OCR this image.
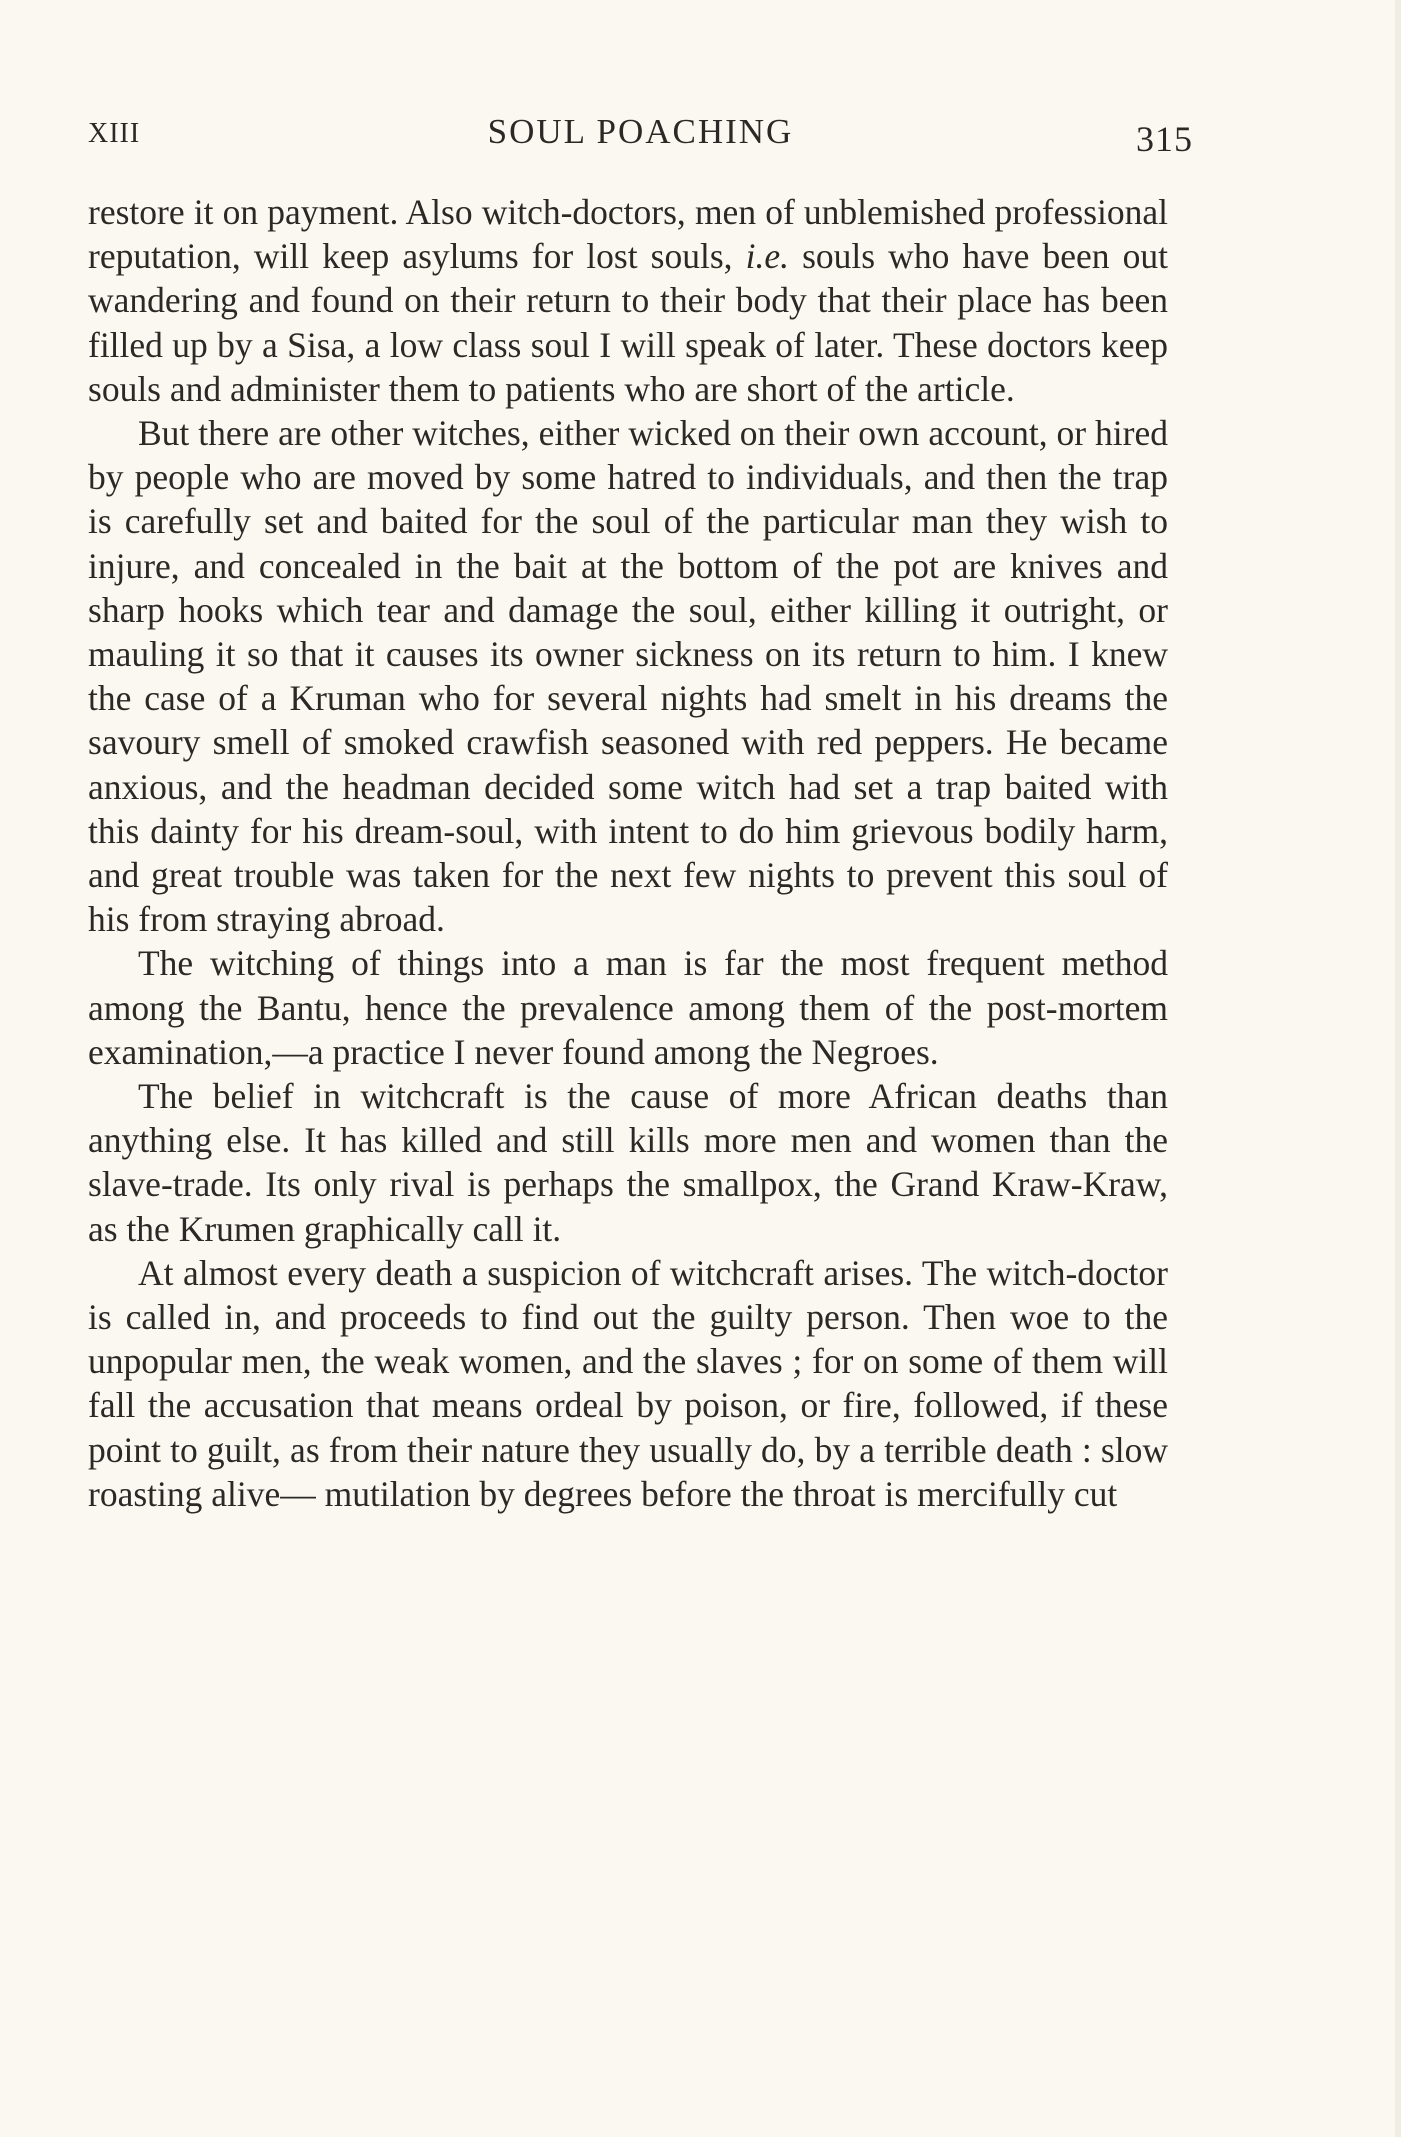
XIII	SOUL POACHING	315

restore it on payment. Also witch-doctors, men of unblemished professional reputation, will keep asylums for lost souls, i.e. souls who have been out wandering and found on their return to their body that their place has been filled up by a Sisa, a low class soul I will speak of later. These doctors keep souls and administer them to patients who are short of the article.

But there are other witches, either wicked on their own account, or hired by people who are moved by some hatred to individuals, and then the trap is carefully set and baited for the soul of the particular man they wish to injure, and concealed in the bait at the bottom of the pot are knives and sharp hooks which tear and damage the soul, either killing it outright, or mauling it so that it causes its owner sickness on its return to him. I knew the case of a Kruman who for several nights had smelt in his dreams the savoury smell of smoked crawfish seasoned with red peppers. He became anxious, and the headman decided some witch had set a trap baited with this dainty for his dream-soul, with intent to do him grievous bodily harm, and great trouble was taken for the next few nights to prevent this soul of his from straying abroad.

The witching of things into a man is far the most frequent method among the Bantu, hence the prevalence among them of the post-mortem examination,—a practice I never found among the Negroes.

The belief in witchcraft is the cause of more African deaths than anything else. It has killed and still kills more men and women than the slave-trade. Its only rival is perhaps the smallpox, the Grand Kraw-Kraw, as the Krumen graphically call it.

At almost every death a suspicion of witchcraft arises. The witch-doctor is called in, and proceeds to find out the guilty person. Then woe to the unpopular men, the weak women, and the slaves ; for on some of them will fall the accusation that means ordeal by poison, or fire, followed, if these point to guilt, as from their nature they usually do, by a terrible death : slow roasting alive— mutilation by degrees before the throat is mercifully cut
